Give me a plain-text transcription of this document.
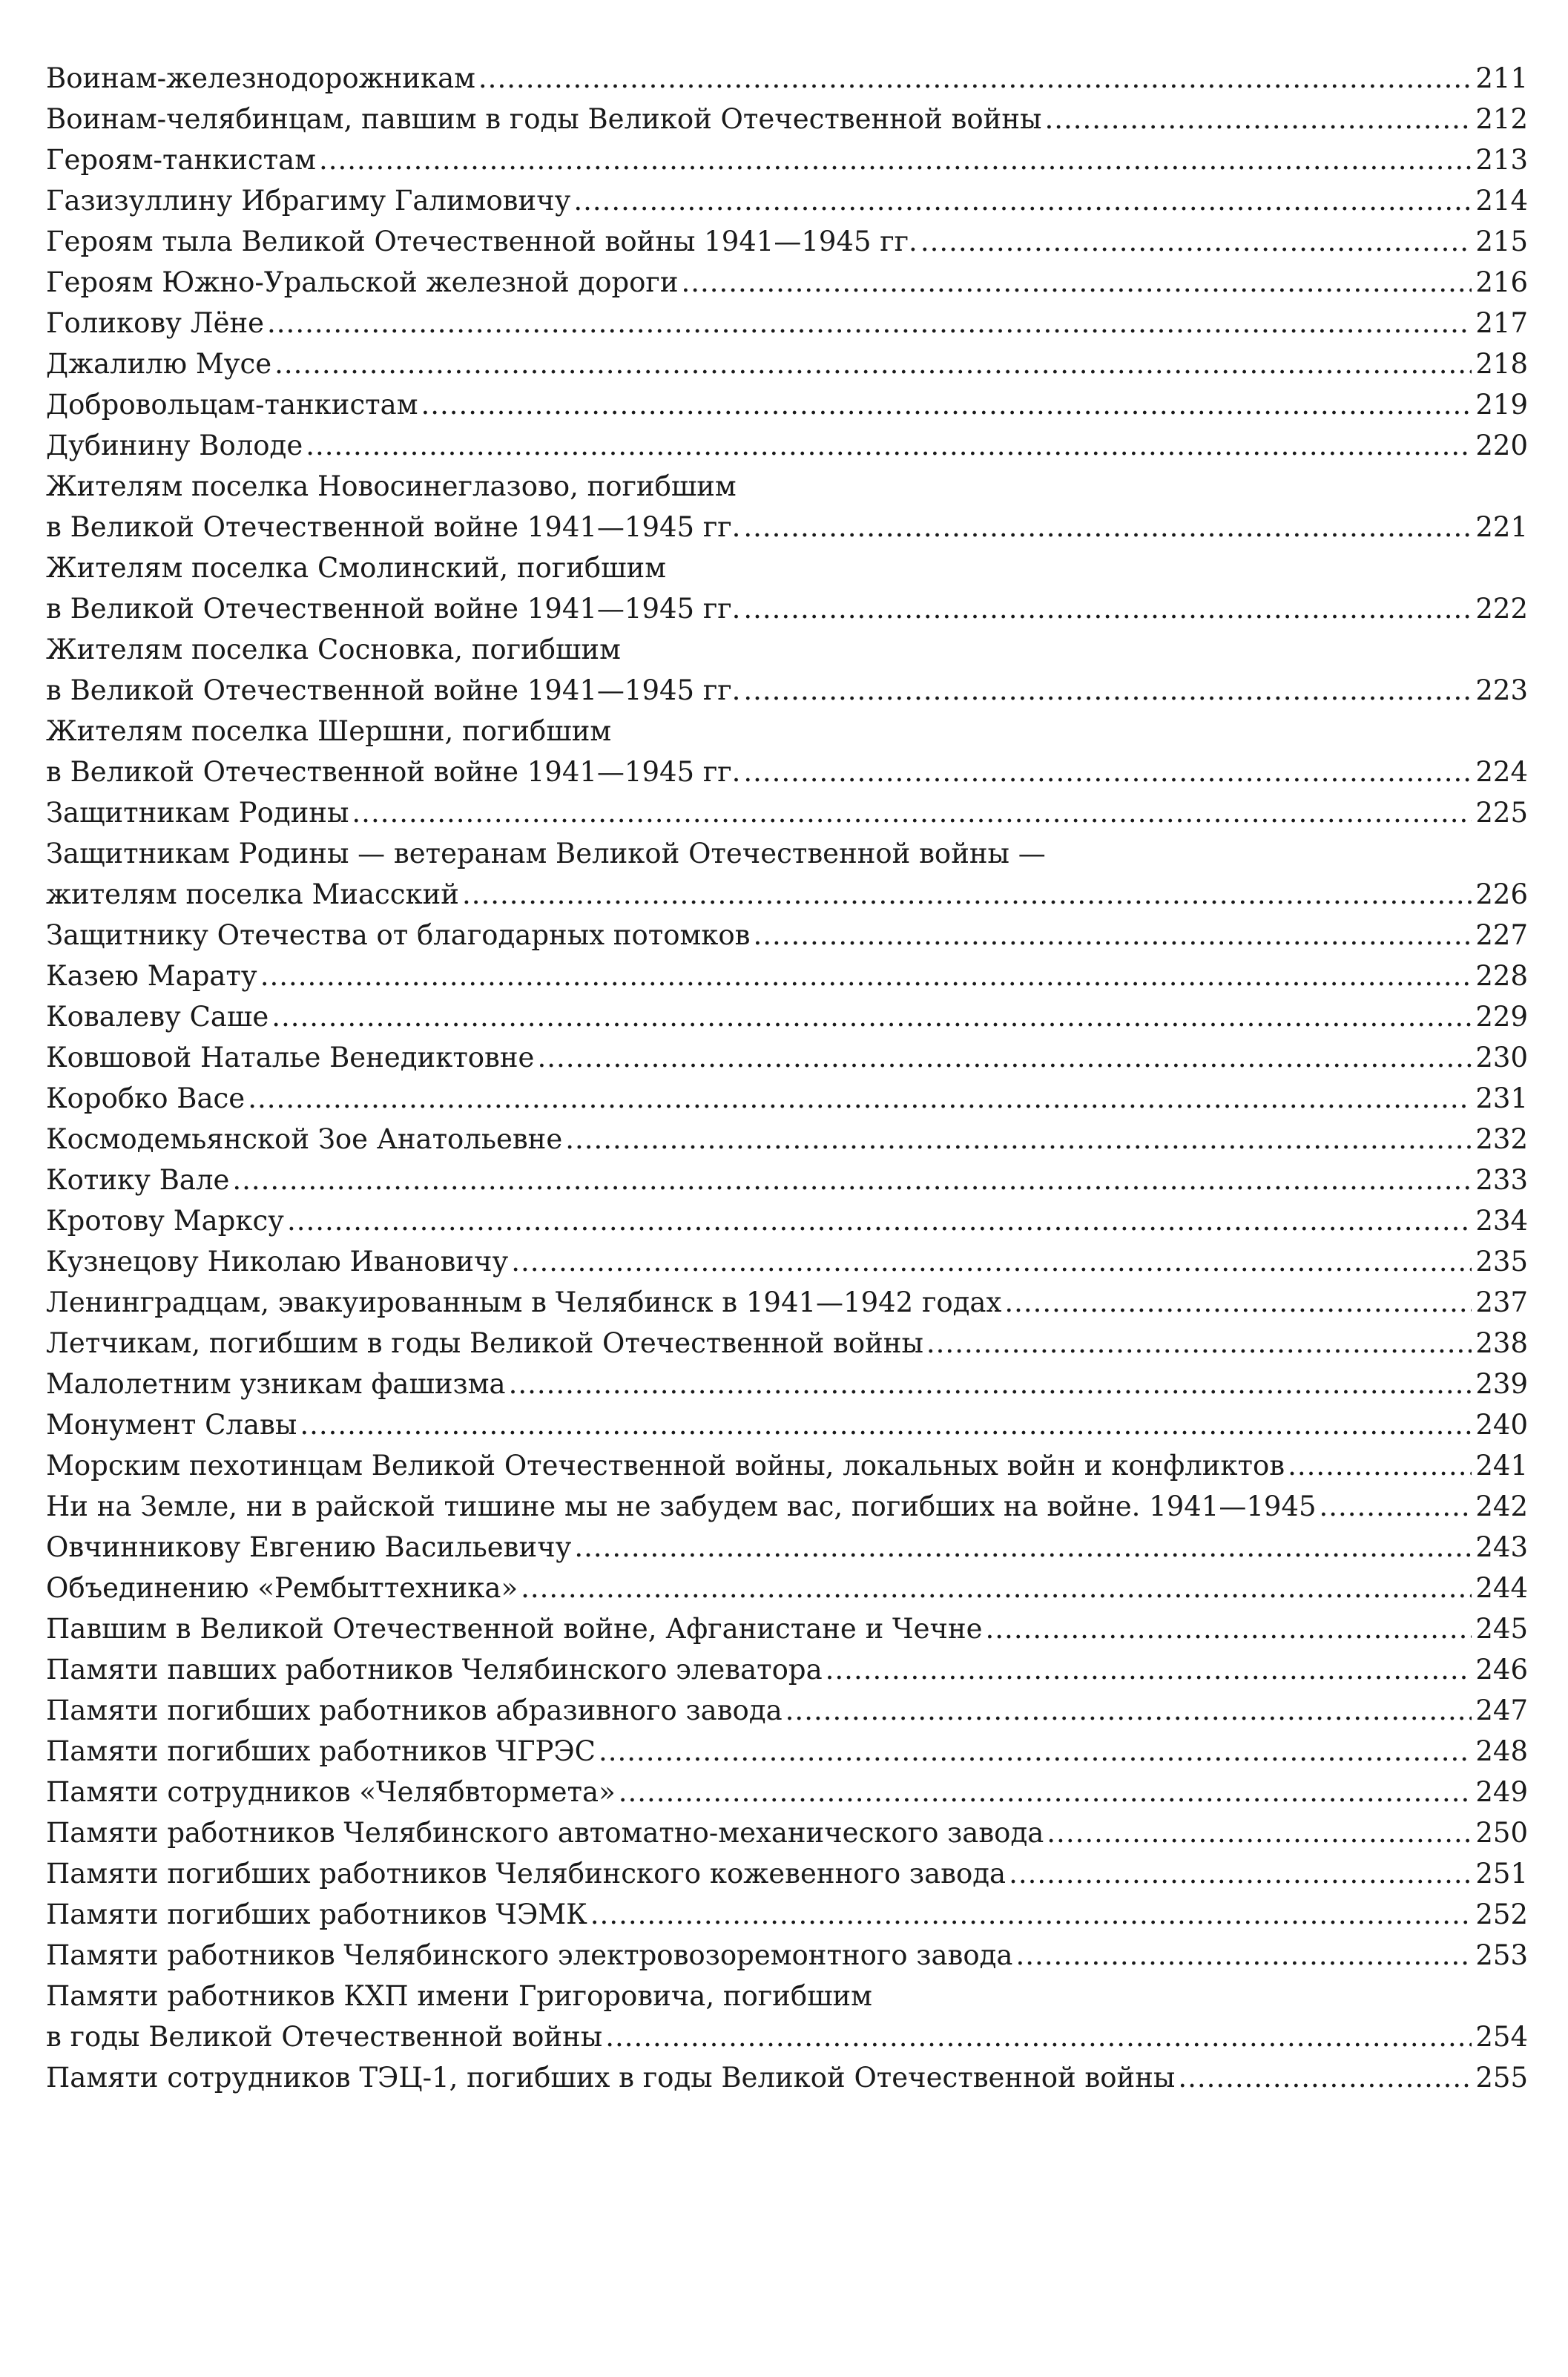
Воинам-железнодорожникам .....	211
Воинам-челябинцам, павшим в годы Великой Отечественной войны .....	212
Героям-танкистам .....	213
Газизуллину Ибрагиму Галимовичу .....	214
Героям тыла Великой Отечественной войны 1941—1945 гг. .....	215
Героям Южно-Уральской железной дороги .....	216
Голикову Лёне .....	217
Джалилю Мусе .....	218
Добровольцам-танкистам .....	219
Дубинину Володе .....	220
Жителям поселка Новосинеглазово, погибшим
в Великой Отечественной войне 1941—1945 гг. .....	221
Жителям поселка Смолинский, погибшим
в Великой Отечественной войне 1941—1945 гг. .....	222
Жителям поселка Сосновка, погибшим
в Великой Отечественной войне 1941—1945 гг. .....	223
Жителям поселка Шершни, погибшим
в Великой Отечественной войне 1941—1945 гг. .....	224
Защитникам Родины .....	225
Защитникам Родины — ветеранам Великой Отечественной войны —
жителям поселка Миасский .....	226
Защитнику Отечества от благодарных потомков .....	227
Казею Марату .....	228
Ковалеву Саше .....	229
Ковшовой Наталье Венедиктовне .....	230
Коробко Васе .....	231
Космодемьянской Зое Анатольевне .....	232
Котику Вале .....	233
Кротову Марксу .....	234
Кузнецову Николаю Ивановичу .....	235
Ленинградцам, эвакуированным в Челябинск в 1941—1942 годах .....	237
Летчикам, погибшим в годы Великой Отечественной войны .....	238
Малолетним узникам фашизма .....	239
Монумент Славы .....	240
Морским пехотинцам Великой Отечественной войны, локальных войн и конфликтов .....	241
Ни на Земле, ни в райской тишине мы не забудем вас, погибших на войне. 1941—1945 .....	242
Овчинникову Евгению Васильевичу .....	243
Объединению «Рембыттехника» .....	244
Павшим в Великой Отечественной войне, Афганистане и Чечне .....	245
Памяти павших работников Челябинского элеватора .....	246
Памяти погибших работников абразивного завода .....	247
Памяти погибших работников ЧГРЭС .....	248
Памяти сотрудников «Челябвтормета» .....	249
Памяти работников Челябинского автоматно-механического завода .....	250
Памяти погибших работников Челябинского кожевенного завода .....	251
Памяти погибших работников ЧЭМК .....	252
Памяти работников Челябинского электровозоремонтного завода .....	253
Памяти работников КХП имени Григоровича, погибшим
в годы Великой Отечественной войны .....	254
Памяти сотрудников ТЭЦ-1, погибших в годы Великой Отечественной войны .....	255
